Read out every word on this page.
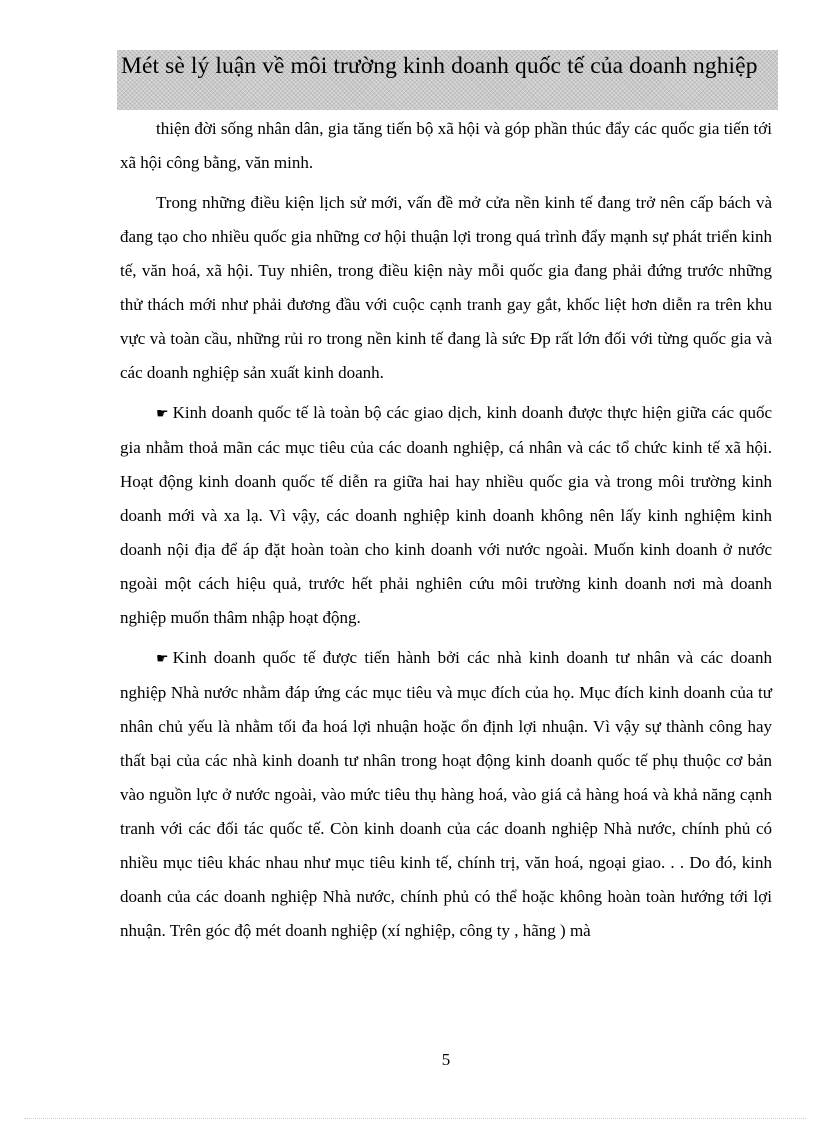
Mét sè lý luận về môi trường kinh doanh quốc tế của doanh nghiệp

thiện đời sống nhân dân, gia tăng tiến bộ xã hội và góp phần thúc đẩy các quốc gia tiến tới xã hội công bằng, văn minh.

Trong những điều kiện lịch sử mới, vấn đề mở cửa nền kinh tế đang trở nên cấp bách và đang tạo cho nhiều quốc gia những cơ hội thuận lợi trong quá trình đẩy mạnh sự phát triển kinh tế, văn hoá, xã hội. Tuy nhiên, trong điều kiện này mỗi quốc gia đang phải đứng trước những thử thách mới như phải đương đầu với cuộc cạnh tranh gay gắt, khốc liệt hơn diễn ra trên khu vực và toàn cầu, những rủi ro trong nền kinh tế đang là sức Đp rất lớn đối với từng quốc gia và các doanh nghiệp sản xuất kinh doanh.

☛ Kinh doanh quốc tế là toàn bộ các giao dịch, kinh doanh được thực hiện giữa các quốc gia nhằm thoả mãn các mục tiêu của các doanh nghiệp, cá nhân và các tổ chức kinh tế xã hội. Hoạt động kinh doanh quốc tế diễn ra giữa hai hay nhiều quốc gia và trong môi trường kinh doanh mới và xa lạ. Vì vậy, các doanh nghiệp kinh doanh không nên lấy kinh nghiệm kinh doanh nội địa để áp đặt hoàn toàn cho kinh doanh với nước ngoài. Muốn kinh doanh ở nước ngoài một cách hiệu quả, trước hết phải nghiên cứu môi trường kinh doanh nơi mà doanh nghiệp muốn thâm nhập hoạt động.

☛ Kinh doanh quốc tế được tiến hành bởi các nhà kinh doanh tư nhân và các doanh nghiệp Nhà nước nhằm đáp ứng các mục tiêu và mục đích của họ. Mục đích kinh doanh của tư nhân chủ yếu là nhằm tối đa hoá lợi nhuận hoặc ổn định lợi nhuận. Vì vậy sự thành công hay thất bại của các nhà kinh doanh tư nhân trong hoạt động kinh doanh quốc tế phụ thuộc cơ bản vào nguồn lực ở nước ngoài, vào mức tiêu thụ hàng hoá, vào giá cả hàng hoá và khả năng cạnh tranh với các đối tác quốc tế. Còn kinh doanh của các doanh nghiệp Nhà nước, chính phủ có nhiều mục tiêu khác nhau như mục tiêu kinh tế, chính trị, văn hoá, ngoại giao. . . Do đó, kinh doanh của các doanh nghiệp Nhà nước, chính phủ có thể hoặc không hoàn toàn hướng tới lợi nhuận. Trên góc độ mét doanh nghiệp (xí nghiệp, công ty , hãng ) mà

5
